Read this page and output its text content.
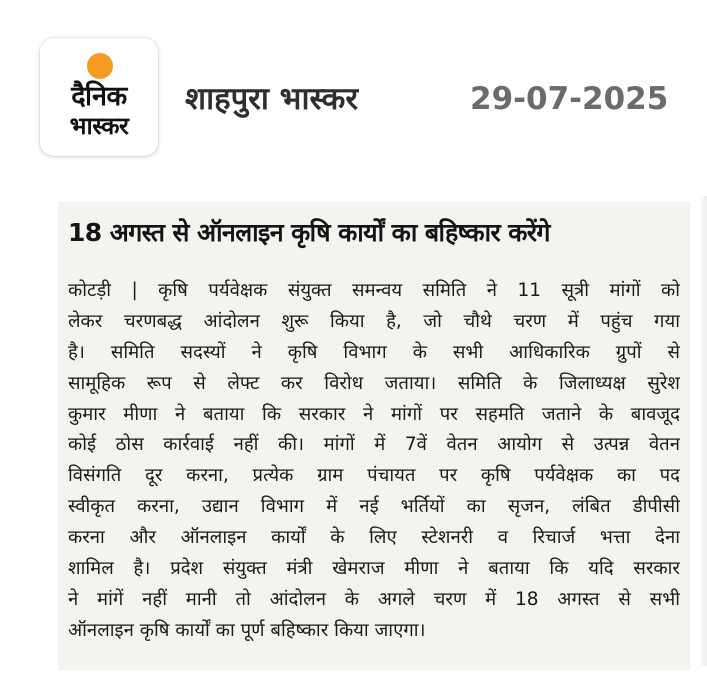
दैनिक
भास्कर
शाहपुरा भास्कर	29-07-2025
18 अगस्त से ऑनलाइन कृषि कार्यों का बहिष्कार करेंगे
कोटड़ी | कृषि पर्यवेक्षक संयुक्त समन्वय समिति ने 11 सूत्री मांगों को
लेकर चरणबद्ध आंदोलन शुरू किया है, जो चौथे चरण में पहुंच गया
है। समिति सदस्यों ने कृषि विभाग के सभी आधिकारिक ग्रुपों से
सामूहिक रूप से लेफ्ट कर विरोध जताया। समिति के जिलाध्यक्ष सुरेश
कुमार मीणा ने बताया कि सरकार ने मांगों पर सहमति जताने के बावजूद
कोई ठोस कार्रवाई नहीं की। मांगों में 7वें वेतन आयोग से उत्पन्न वेतन
विसंगति दूर करना, प्रत्येक ग्राम पंचायत पर कृषि पर्यवेक्षक का पद
स्वीकृत करना, उद्यान विभाग में नई भर्तियों का सृजन, लंबित डीपीसी
करना और ऑनलाइन कार्यों के लिए स्टेशनरी व रिचार्ज भत्ता देना
शामिल है। प्रदेश संयुक्त मंत्री खेमराज मीणा ने बताया कि यदि सरकार
ने मांगें नहीं मानी तो आंदोलन के अगले चरण में 18 अगस्त से सभी
ऑनलाइन कृषि कार्यों का पूर्ण बहिष्कार किया जाएगा।
